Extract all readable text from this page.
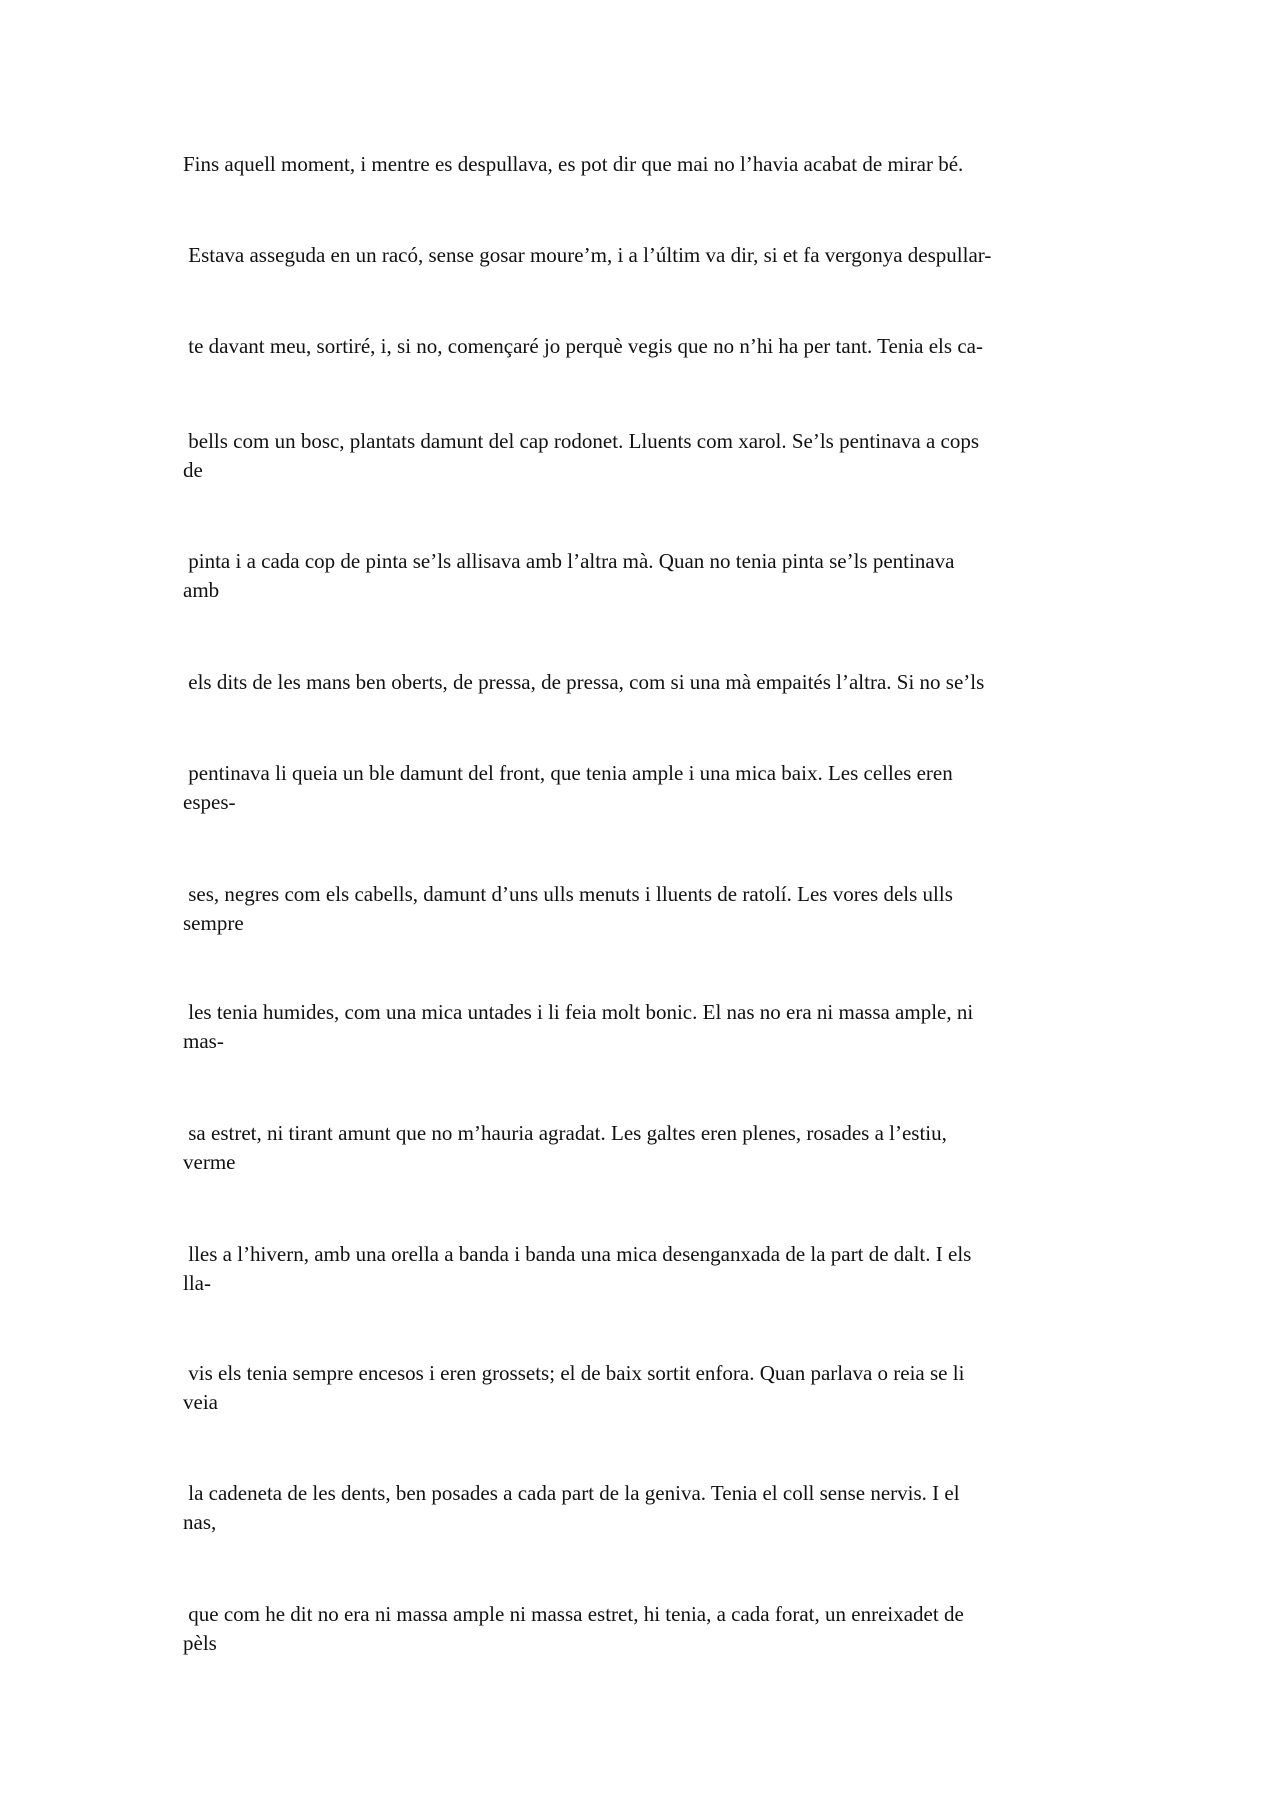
Fins aquell moment, i mentre es despullava, es pot dir que mai no l’havia acabat de mirar bé.

Estava asseguda en un racó, sense gosar moure’m, i a l’últim va dir, si et fa vergonya despullar-

te davant meu, sortiré, i, si no, començaré jo perquè vegis que no n’hi ha per tant. Tenia els ca-

bells com un bosc, plantats damunt del cap rodonet. Lluents com xarol. Se’ls pentinava a cops
de

pinta i a cada cop de pinta se’ls allisava amb l’altra mà. Quan no tenia pinta se’ls pentinava
amb

els dits de les mans ben oberts, de pressa, de pressa, com si una mà empaités l’altra. Si no se’ls

pentinava li queia un ble damunt del front, que tenia ample i una mica baix. Les celles eren
espes-

ses, negres com els cabells, damunt d’uns ulls menuts i lluents de ratolí. Les vores dels ulls
sempre

les tenia humides, com una mica untades i li feia molt bonic. El nas no era ni massa ample, ni
mas-

sa estret, ni tirant amunt que no m’hauria agradat. Les galtes eren plenes, rosades a l’estiu,
verme

lles a l’hivern, amb una orella a banda i banda una mica desenganxada de la part de dalt. I els
lla-

vis els tenia sempre encesos i eren grossets; el de baix sortit enfora. Quan parlava o reia se li
veia

la cadeneta de les dents, ben posades a cada part de la geniva. Tenia el coll sense nervis. I el
nas,

que com he dit no era ni massa ample ni massa estret, hi tenia, a cada forat, un enreixadet de
pèls
